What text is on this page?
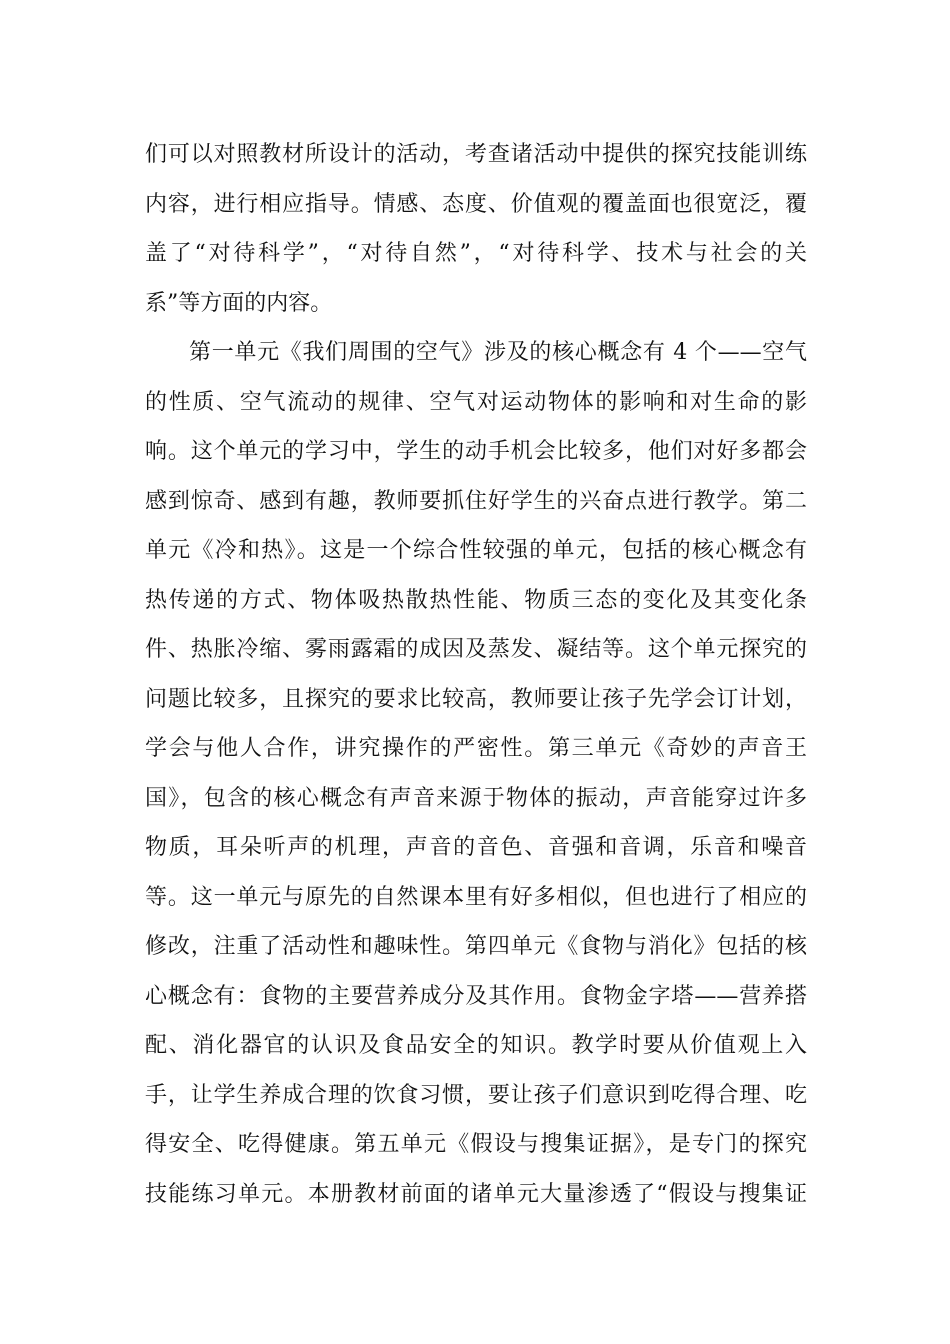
们可以对照教材所设计的活动，考查诸活动中提供的探究技能训练
内容，进行相应指导。情感、态度、价值观的覆盖面也很宽泛，覆
盖了“对待科学”，“对待自然”，“对待科学、技术与社会的关
系”等方面的内容。
第一单元《我们周围的空气》涉及的核心概念有 4 个——空气
的性质、空气流动的规律、空气对运动物体的影响和对生命的影
响。这个单元的学习中，学生的动手机会比较多，他们对好多都会
感到惊奇、感到有趣，教师要抓住好学生的兴奋点进行教学。第二
单元《冷和热》。这是一个综合性较强的单元，包括的核心概念有
热传递的方式、物体吸热散热性能、物质三态的变化及其变化条
件、热胀冷缩、雾雨露霜的成因及蒸发、凝结等。这个单元探究的
问题比较多，且探究的要求比较高，教师要让孩子先学会订计划，
学会与他人合作，讲究操作的严密性。第三单元《奇妙的声音王
国》，包含的核心概念有声音来源于物体的振动，声音能穿过许多
物质，耳朵听声的机理，声音的音色、音强和音调，乐音和噪音
等。这一单元与原先的自然课本里有好多相似，但也进行了相应的
修改，注重了活动性和趣味性。第四单元《食物与消化》包括的核
心概念有：食物的主要营养成分及其作用。食物金字塔——营养搭
配、消化器官的认识及食品安全的知识。教学时要从价值观上入
手，让学生养成合理的饮食习惯，要让孩子们意识到吃得合理、吃
得安全、吃得健康。第五单元《假设与搜集证据》，是专门的探究
技能练习单元。本册教材前面的诸单元大量渗透了“假设与搜集证
